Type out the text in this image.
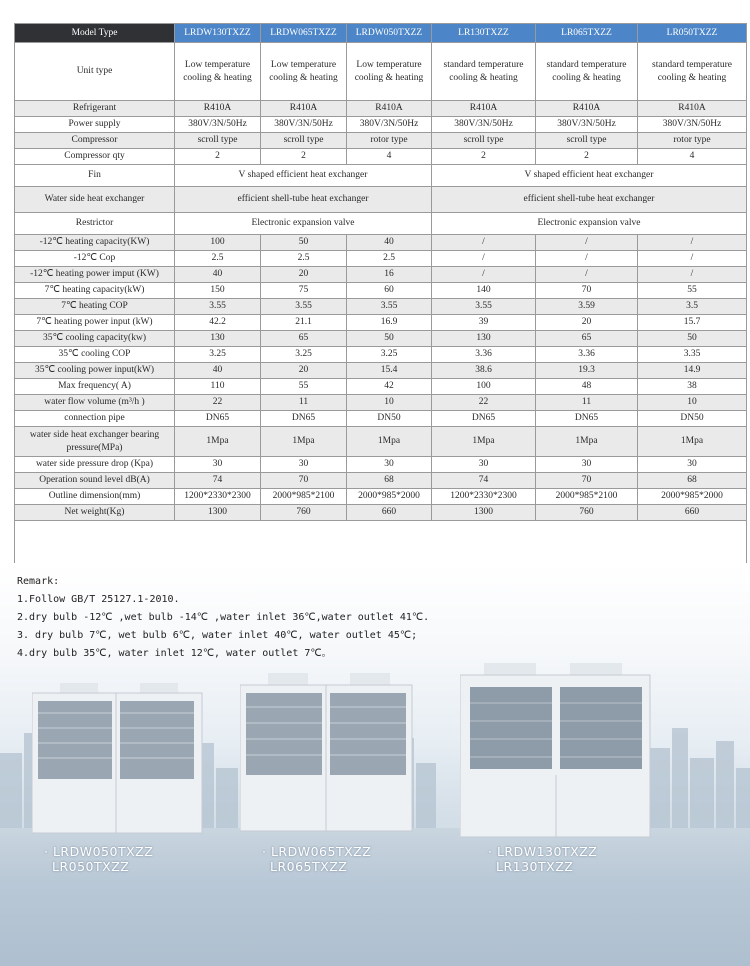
Model Type	LRDW130TXZZ	LRDW065TXZZ	LRDW050TXZZ	LR130TXZZ	LR065TXZZ	LR050TXZZ
Unit type	Low temperature cooling & heating	Low temperature cooling & heating	Low temperature cooling & heating	standard temperature cooling & heating	standard temperature cooling & heating	standard temperature cooling & heating
Refrigerant	R410A	R410A	R410A	R410A	R410A	R410A
Power supply	380V/3N/50Hz	380V/3N/50Hz	380V/3N/50Hz	380V/3N/50Hz	380V/3N/50Hz	380V/3N/50Hz
Compressor	scroll type	scroll type	rotor type	scroll type	scroll type	rotor type
Compressor qty	2	2	4	2	2	4
Fin	V shaped efficient heat exchanger			V shaped efficient heat exchanger		
Water side heat exchanger	efficient shell-tube heat exchanger			efficient shell-tube heat exchanger		
Restrictor	Electronic expansion valve			Electronic expansion valve		
-12℃ heating capacity(KW)	100	50	40	/	/	/
-12℃ Cop	2.5	2.5	2.5	/	/	/
-12℃ heating power imput (KW)	40	20	16	/	/	/
7℃ heating capacity(kW)	150	75	60	140	70	55
7℃ heating COP	3.55	3.55	3.55	3.55	3.59	3.5
7℃ heating power input (kW)	42.2	21.1	16.9	39	20	15.7
35℃ cooling capacity(kw)	130	65	50	130	65	50
35℃ cooling COP	3.25	3.25	3.25	3.36	3.36	3.35
35℃ cooling power input(kW)	40	20	15.4	38.6	19.3	14.9
Max frequency( A)	110	55	42	100	48	38
water flow volume (m³/h )	22	11	10	22	11	10
connection pipe	DN65	DN65	DN50	DN65	DN65	DN50
water side heat exchanger bearing pressure(MPa)	1Mpa	1Mpa	1Mpa	1Mpa	1Mpa	1Mpa
water side pressure drop (Kpa)	30	30	30	30	30	30
Operation sound level dB(A)	74	70	68	74	70	68
Outline dimension(mm)	1200*2330*2300	2000*985*2100	2000*985*2000	1200*2330*2300	2000*985*2100	2000*985*2000
Net weight(Kg)	1300	760	660	1300	760	660

Remark:
1.Follow GB/T 25127.1-2010.
2.dry bulb -12℃ ,wet bulb -14℃ ,water inlet 36℃,water outlet 41℃.
3. dry bulb 7℃, wet bulb 6℃, water inlet 40℃, water outlet 45℃;
4.dry bulb 35℃, water inlet 12℃, water outlet 7℃。
· LRDW050TXZZ
LR050TXZZ
· LRDW065TXZZ
LR065TXZZ
· LRDW130TXZZ
LR130TXZZ
